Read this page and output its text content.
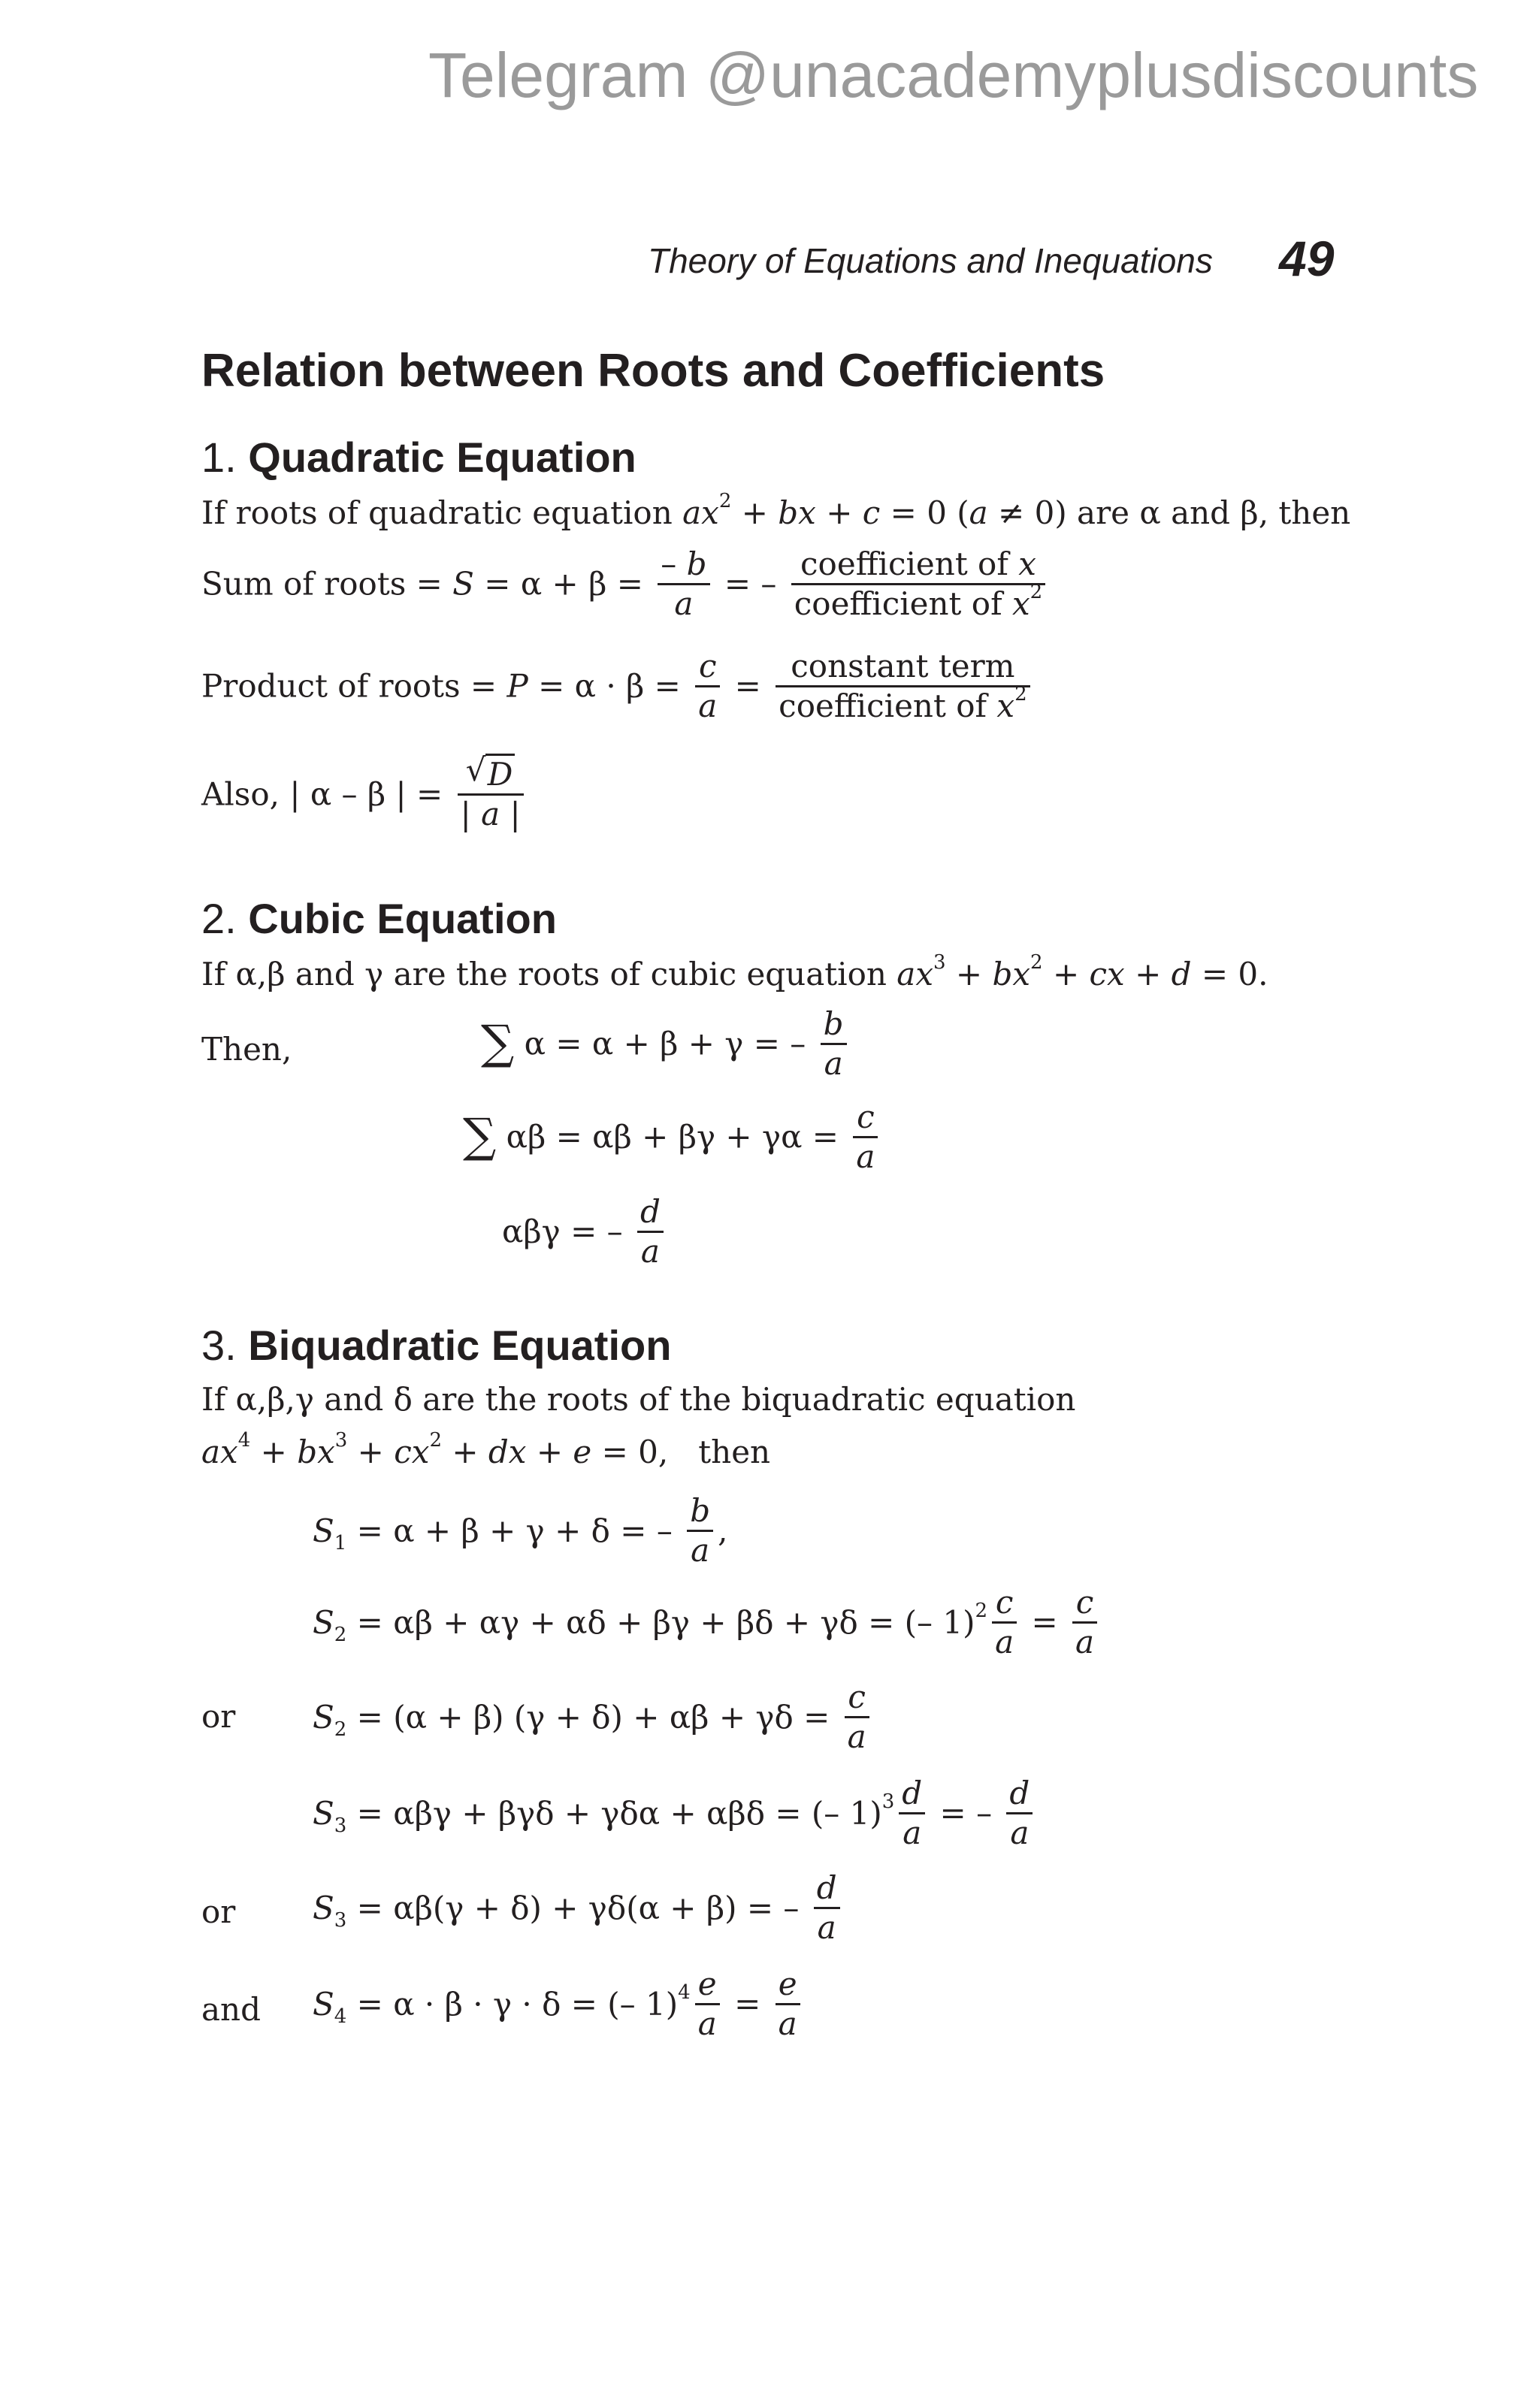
Telegram @unacademyplusdiscounts
Theory of Equations and Inequations 49
Relation between Roots and Coefficients
1. Quadratic Equation
If roots of quadratic equation $ax^2$ + bx + c = 0 (a ≠ 0) are α and β, then
Sum of roots = $S = \alpha + \beta = \frac{- b}{a}$ = – $\frac{\text{coefficient of x}}{coefficient of x^2}$
Product of roots = $P = \alpha \cdot \beta = \frac{c}{a} = \frac{\text{constant term}}{coefficient of x^2}$
Also, | α – β | =
√ $\frac{D}{| a |}$
2. Cubic Equation
If α,β and γ are the roots of cubic equation $ax^3 + bx^2$ + cx + d = 0.
Then,	∑ α = α + β + γ = – $\frac{b}{a}$
∑ $\alpha\beta = \alpha\beta + \beta\gamma + \gamma\alpha = \frac{c}{a}$
αβγ = – $\frac{d}{a}$
3. Biquadratic Equation
If α,β,γ and δ are the roots of the biquadratic equation
$ax^4 + bx^3 + cx^2$ + dx + e = 0,   then
$S_1 = \alpha + \beta + \gamma + \delta$ = – $\frac{b}{a}$ ,
$S_2 = \alpha\beta + \alpha\gamma + \alpha\delta + \beta\gamma + \beta\delta + \gamma\delta$ = (– $1)^2 \frac{c}{a} = \frac{c}{a}$
or $S_2 = (\alpha + \beta) (\gamma + \delta) + \alpha\beta + \gamma\delta = \frac{c}{a}$
$S_3 = \alpha\beta\gamma + \beta\gamma\delta + \gamma\delta\alpha + \alpha\beta\delta$ = (– $1)^3 \frac{d}{a}$ = – $\frac{d}{a}$
or $S_3 = \alpha\beta(\gamma + \delta) + \gamma\delta(\alpha + \beta)$ = – $\frac{d}{a}$
and $S_4 = \alpha \cdot \beta \cdot \gamma \cdot \delta$ = (– $1)^4 \frac{e}{a} = \frac{e}{a}$
